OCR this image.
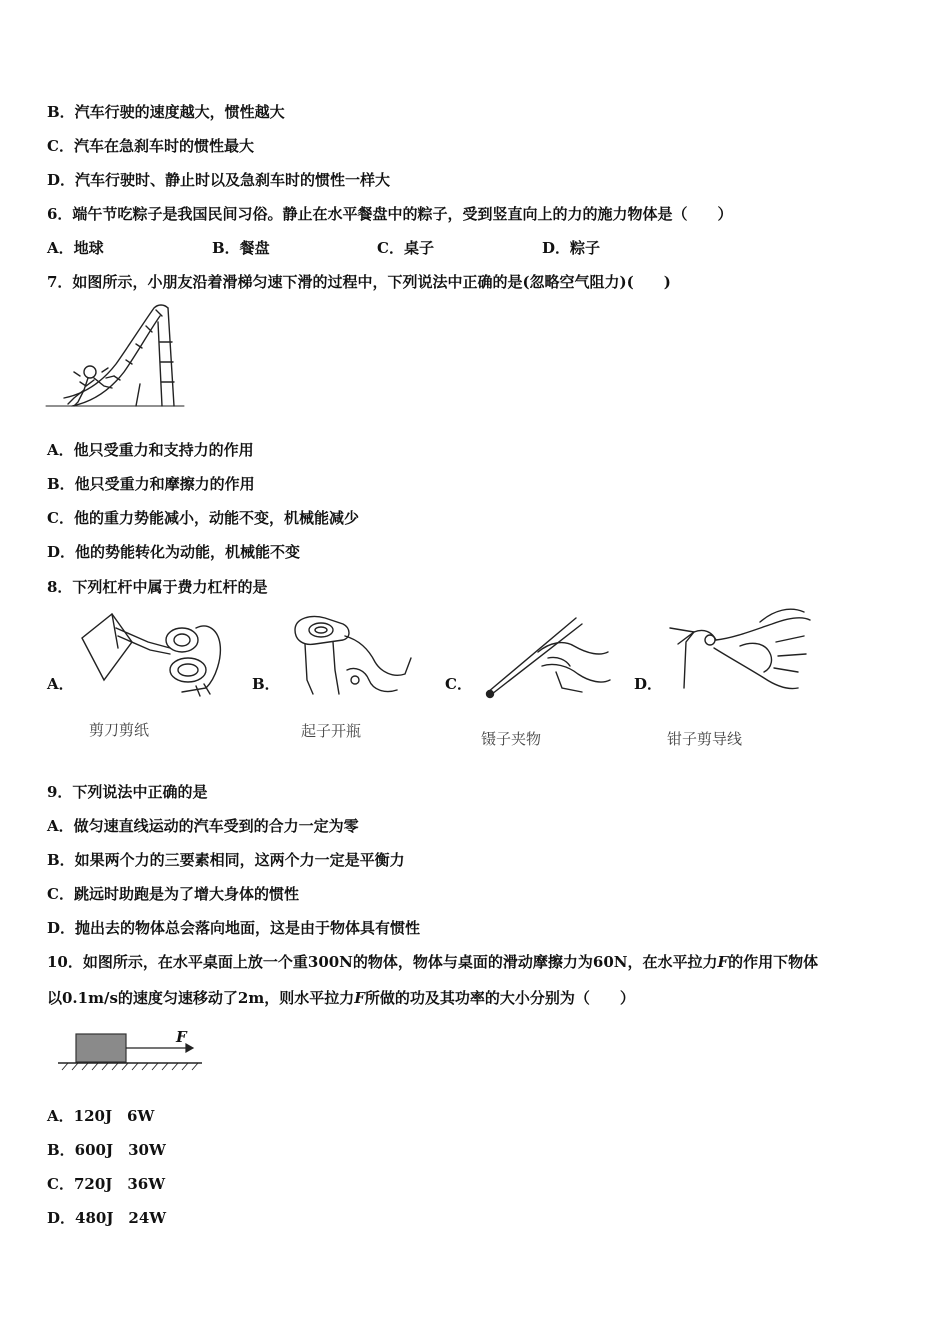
B．汽车行驶的速度越大，惯性越大
C．汽车在急刹车时的惯性最大
D．汽车行驶时、静止时以及急刹车时的惯性一样大
6．端午节吃粽子是我国民间习俗。静止在水平餐盘中的粽子，受到竖直向上的力的施力物体是（　　）
A．地球	B．餐盘	C．桌子	D．粽子
7．如图所示，小朋友沿着滑梯匀速下滑的过程中，下列说法中正确的是(忽略空气阻力)(　　)
A．他只受重力和支持力的作用
B．他只受重力和摩擦力的作用
C．他的重力势能减小，动能不变，机械能减少
D．他的势能转化为动能，机械能不变
8．下列杠杆中属于费力杠杆的是
A．
剪刀剪纸
B．
起子开瓶
C．
镊子夹物
D．
钳子剪导线
9．下列说法中正确的是
A．做匀速直线运动的汽车受到的合力一定为零
B．如果两个力的三要素相同，这两个力一定是平衡力
C．跳远时助跑是为了增大身体的惯性
D．抛出去的物体总会落向地面，这是由于物体具有惯性
10．如图所示，在水平桌面上放一个重300N的物体，物体与桌面的滑动摩擦力为60N，在水平拉力F的作用下物体
以0.1m/s的速度匀速移动了2m，则水平拉力F所做的功及其功率的大小分别为（　　）
F
A．120J　6W
B．600J　30W
C．720J　36W
D．480J　24W
